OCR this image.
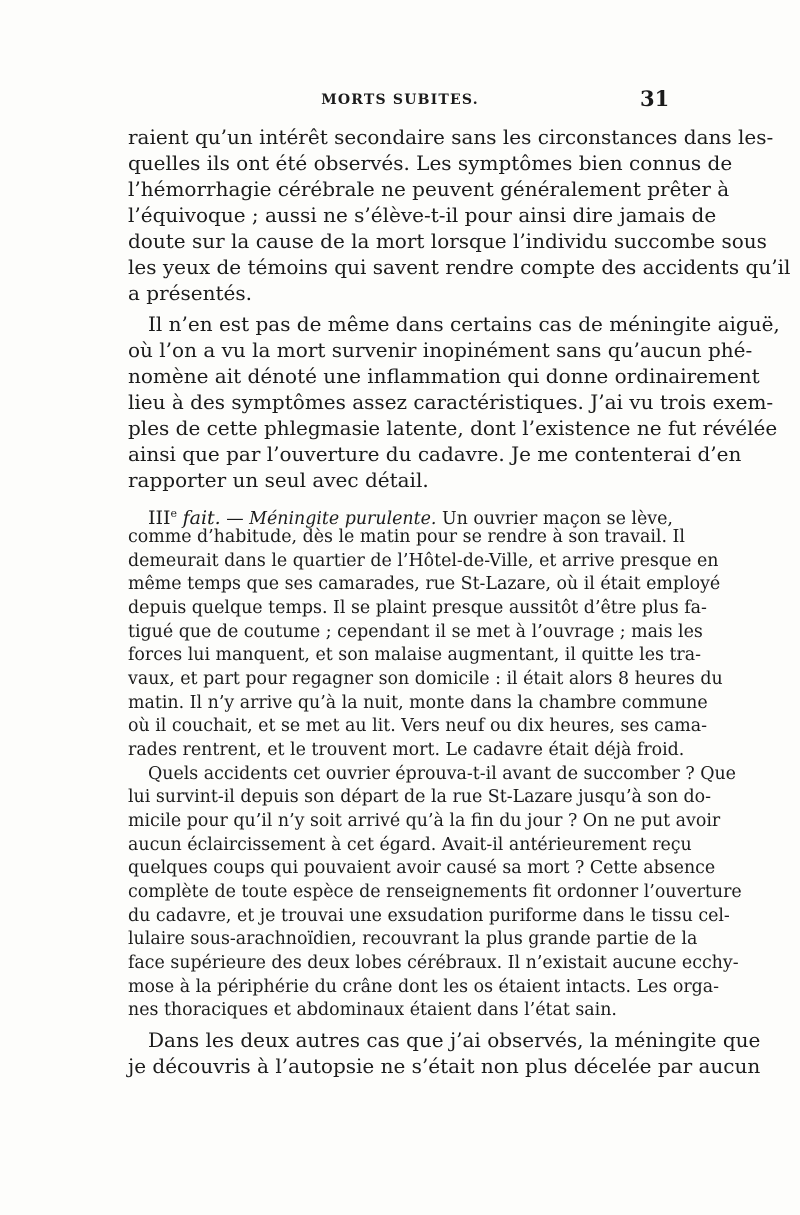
MORTS SUBITES.	31
raient qu’un intérêt secondaire sans les circonstances dans les-
quelles ils ont été observés. Les symptômes bien connus de
l’hémorrhagie cérébrale ne peuvent généralement prêter à
l’équivoque ; aussi ne s’élève-t-il pour ainsi dire jamais de
doute sur la cause de la mort lorsque l’individu succombe sous
les yeux de témoins qui savent rendre compte des accidents qu’il
a présentés.
Il n’en est pas de même dans certains cas de méningite aiguë,
où l’on a vu la mort survenir inopinément sans qu’aucun phé-
nomène ait dénoté une inflammation qui donne ordinairement
lieu à des symptômes assez caractéristiques. J’ai vu trois exem-
ples de cette phlegmasie latente, dont l’existence ne fut révélée
ainsi que par l’ouverture du cadavre. Je me contenterai d’en
rapporter un seul avec détail.
IIIe fait. — Méningite purulente. Un ouvrier maçon se lève,
comme d’habitude, dès le matin pour se rendre à son travail. Il
demeurait dans le quartier de l’Hôtel-de-Ville, et arrive presque en
même temps que ses camarades, rue St-Lazare, où il était employé
depuis quelque temps. Il se plaint presque aussitôt d’être plus fa-
tigué que de coutume ; cependant il se met à l’ouvrage ; mais les
forces lui manquent, et son malaise augmentant, il quitte les tra-
vaux, et part pour regagner son domicile : il était alors 8 heures du
matin. Il n’y arrive qu’à la nuit, monte dans la chambre commune
où il couchait, et se met au lit. Vers neuf ou dix heures, ses cama-
rades rentrent, et le trouvent mort. Le cadavre était déjà froid.
Quels accidents cet ouvrier éprouva-t-il avant de succomber ? Que
lui survint-il depuis son départ de la rue St-Lazare jusqu’à son do-
micile pour qu’il n’y soit arrivé qu’à la fin du jour ? On ne put avoir
aucun éclaircissement à cet égard. Avait-il antérieurement reçu
quelques coups qui pouvaient avoir causé sa mort ? Cette absence
complète de toute espèce de renseignements fit ordonner l’ouverture
du cadavre, et je trouvai une exsudation puriforme dans le tissu cel-
lulaire sous-arachnoïdien, recouvrant la plus grande partie de la
face supérieure des deux lobes cérébraux. Il n’existait aucune ecchy-
mose à la périphérie du crâne dont les os étaient intacts. Les orga-
nes thoraciques et abdominaux étaient dans l’état sain.
Dans les deux autres cas que j’ai observés, la méningite que
je découvris à l’autopsie ne s’était non plus décelée par aucun
